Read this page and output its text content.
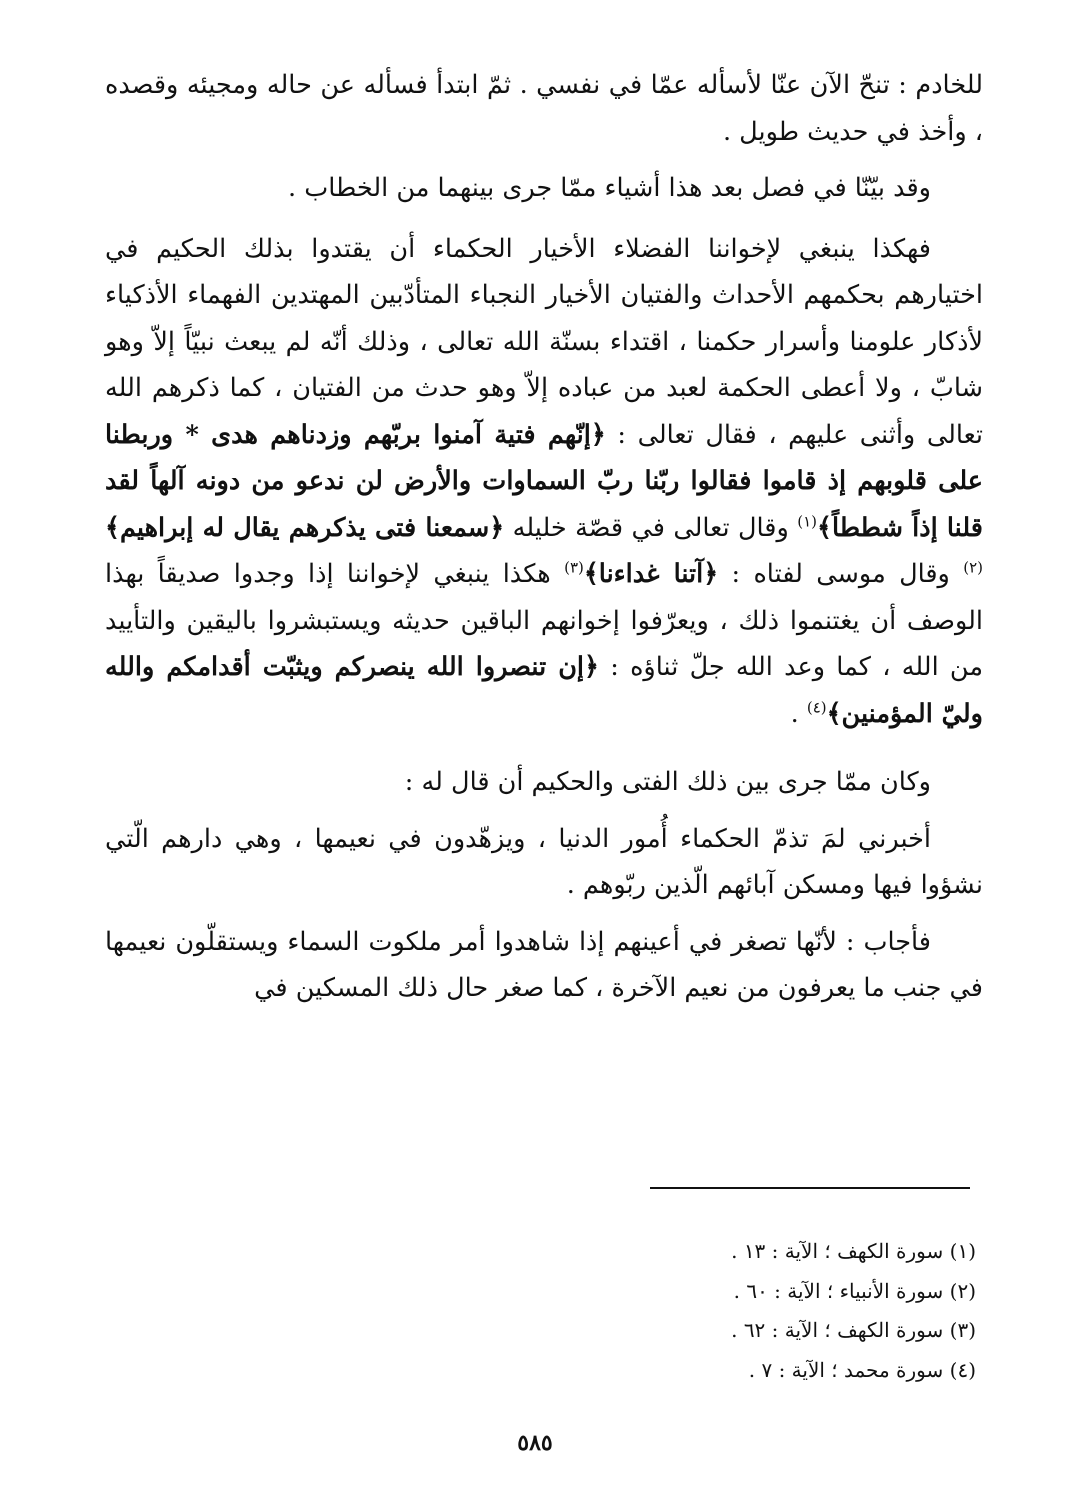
للخادم : تنحّ الآن عنّا لأسأله عمّا في نفسي . ثمّ ابتدأ فسأله عن حاله ومجيئه وقصده ، وأخذ في حديث طويل .

وقد بيّنّا في فصل بعد هذا أشياء ممّا جرى بينهما من الخطاب .

فهكذا ينبغي لإخواننا الفضلاء الأخيار الحكماء أن يقتدوا بذلك الحكيم في اختيارهم بحكمهم الأحداث والفتيان الأخيار النجباء المتأدّبين المهتدين الفهماء الأذكياء لأذكار علومنا وأسرار حكمنا ، اقتداء بسنّة الله تعالى ، وذلك أنّه لم يبعث نبيّاً إلاّ وهو شابّ ، ولا أعطى الحكمة لعبد من عباده إلاّ وهو حدث من الفتيان ، كما ذكرهم الله تعالى وأثنى عليهم ، فقال تعالى : ﴿إنّهم فتية آمنوا بربّهم وزدناهم هدى * وربطنا على قلوبهم إذ قاموا فقالوا ربّنا ربّ السماوات والأرض لن ندعو من دونه آلهاً لقد قلنا إذاً شططاً﴾$^{(١)}$ وقال تعالى في قصّة خليله ﴿سمعنا فتى يذكرهم يقال له إبراهيم﴾$^{(٢)}$ وقال موسى لفتاه : ﴿آتنا غداءنا﴾$^{(٣)}$ هكذا ينبغي لإخواننا إذا وجدوا صديقاً بهذا الوصف أن يغتنموا ذلك ، ويعرّفوا إخوانهم الباقين حديثه ويستبشروا باليقين والتأييد من الله ، كما وعد الله جلّ ثناؤه : ﴿إن تنصروا الله ينصركم ويثبّت أقدامكم والله وليّ المؤمنين﴾$^{(٤)}$ .

وكان ممّا جرى بين ذلك الفتى والحكيم أن قال له :

أخبرني لمَ تذمّ الحكماء أُمور الدنيا ، ويزهّدون في نعيمها ، وهي دارهم الّتي نشؤوا فيها ومسكن آبائهم الّذين ربّوهم .

فأجاب : لأنّها تصغر في أعينهم إذا شاهدوا أمر ملكوت السماء ويستقلّون نعيمها في جنب ما يعرفون من نعيم الآخرة ، كما صغر حال ذلك المسكين في

(١) سورة الكهف ؛ الآية : ١٣ .

(٢) سورة الأنبياء ؛ الآية : ٦٠ .

(٣) سورة الكهف ؛ الآية : ٦٢ .

(٤) سورة محمد ؛ الآية : ٧ .

٥٨٥
